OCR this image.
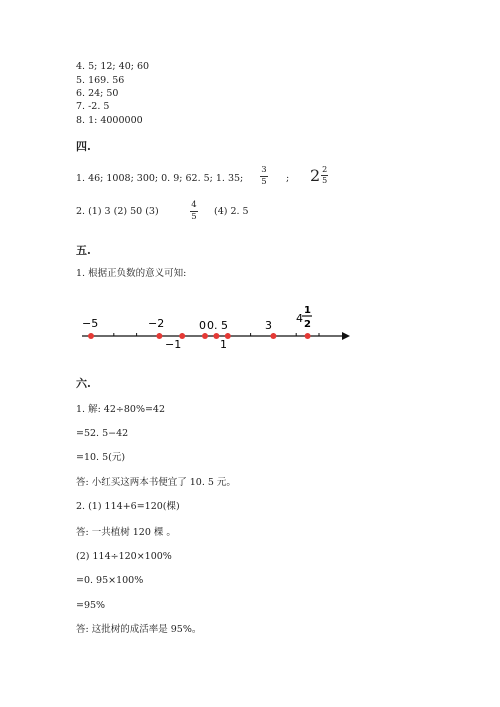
4. 5; 12; 40; 60
5. 169. 56
6. 24; 50
7. -2. 5
8. 1: 4000000
四.
1. 46; 1008; 300; 0. 9; 62. 5; 1. 35;
3
5 ; 2 2
5
2. (1) 3 (2) 50 (3)
4
5 (4) 2. 5
五.
1. 根据正负数的意义可知:
−5	−2	0 0. 5	3
−1	1
4
1
2
六.
1. 解: 42÷80%=42
=52. 5−42
=10. 5(元)
答: 小红买这两本书便宜了 10. 5 元。
2. (1) 114+6=120(棵)
答: 一共植树 120 棵 。
(2) 114÷120×100%
=0. 95×100%
=95%
答: 这批树的成活率是 95%。
